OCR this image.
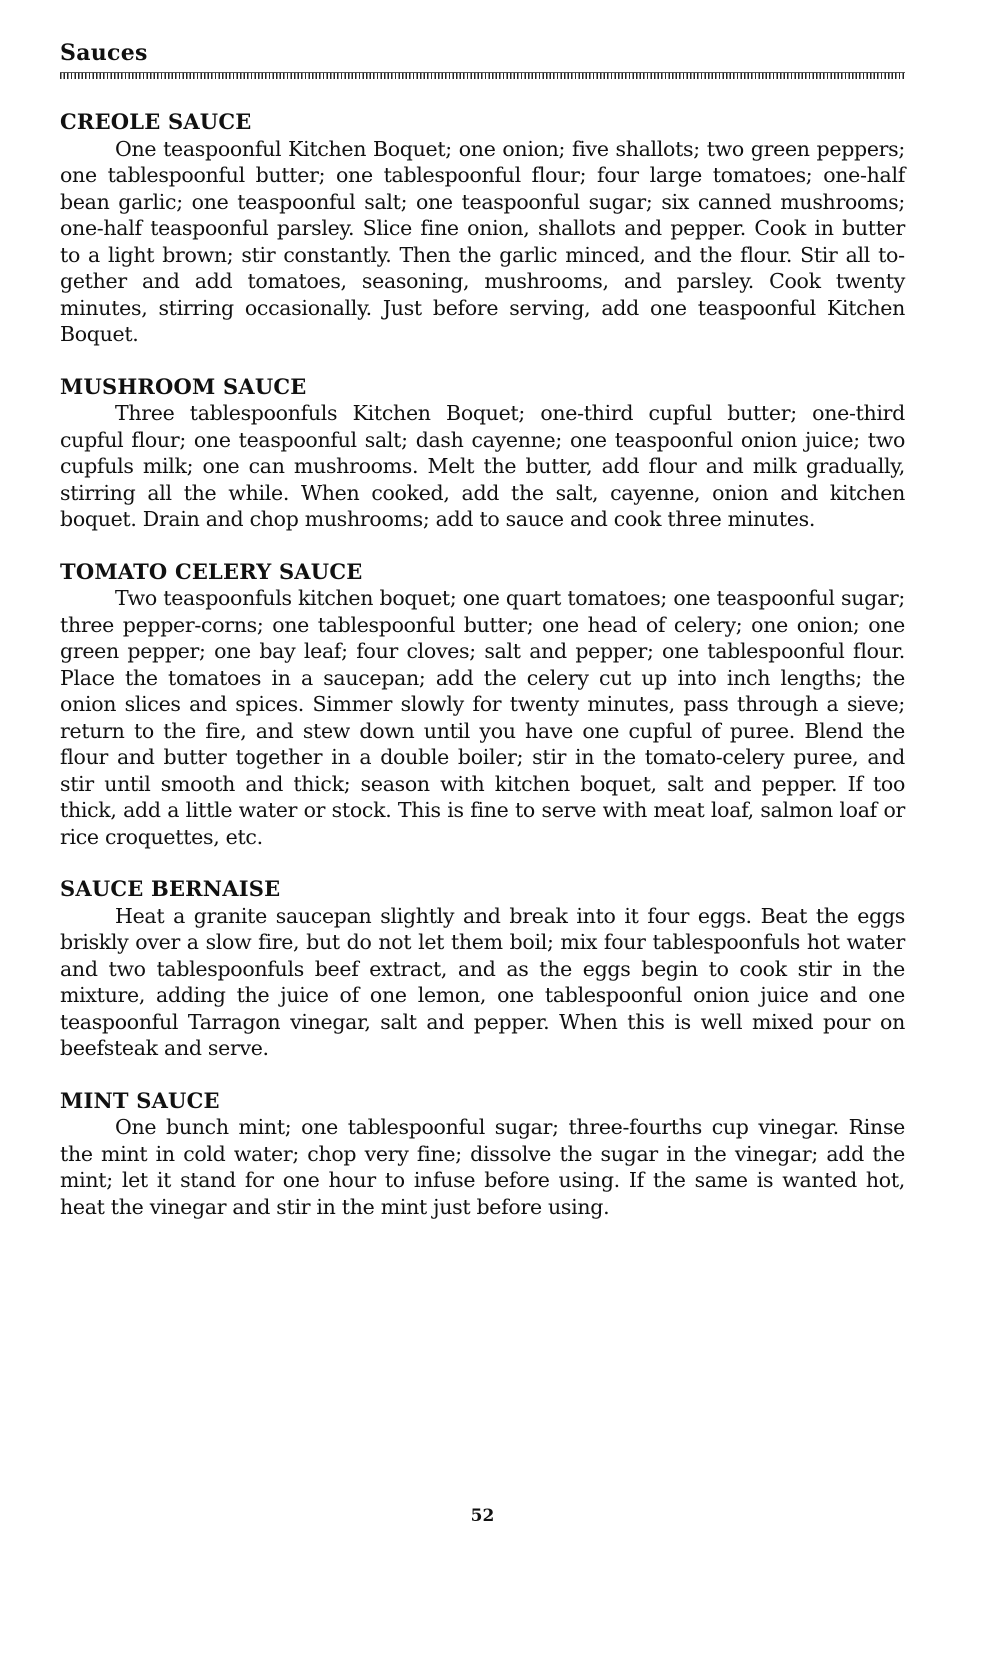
Sauces
CREOLE SAUCE

One teaspoonful Kitchen Boquet; one onion; five shallots; two green peppers; one tablespoonful butter; one tablespoonful flour; four large tomatoes; one-half bean garlic; one teaspoonful salt; one teaspoonful sugar; six canned mushrooms; one-half teaspoonful parsley. Slice fine onion, shallots and pepper. Cook in butter to a light brown; stir constantly. Then the garlic minced, and the flour. Stir all together and add tomatoes, seasoning, mushrooms, and parsley. Cook twenty minutes, stirring occasionally. Just before serving, add one teaspoonful Kitchen Boquet.

MUSHROOM SAUCE

Three tablespoonfuls Kitchen Boquet; one-third cupful butter; one-third cupful flour; one teaspoonful salt; dash cayenne; one teaspoonful onion juice; two cupfuls milk; one can mushrooms. Melt the butter, add flour and milk gradually, stirring all the while. When cooked, add the salt, cayenne, onion and kitchen boquet. Drain and chop mushrooms; add to sauce and cook three minutes.

TOMATO CELERY SAUCE

Two teaspoonfuls kitchen boquet; one quart tomatoes; one teaspoonful sugar; three pepper-corns; one tablespoonful butter; one head of celery; one onion; one green pepper; one bay leaf; four cloves; salt and pepper; one tablespoonful flour. Place the tomatoes in a saucepan; add the celery cut up into inch lengths; the onion slices and spices. Simmer slowly for twenty minutes, pass through a sieve; return to the fire, and stew down until you have one cupful of puree. Blend the flour and butter together in a double boiler; stir in the tomato-celery puree, and stir until smooth and thick; season with kitchen boquet, salt and pepper. If too thick, add a little water or stock. This is fine to serve with meat loaf, salmon loaf or rice croquettes, etc.

SAUCE BERNAISE

Heat a granite saucepan slightly and break into it four eggs. Beat the eggs briskly over a slow fire, but do not let them boil; mix four tablespoonfuls hot water and two tablespoonfuls beef extract, and as the eggs begin to cook stir in the mixture, adding the juice of one lemon, one tablespoonful onion juice and one teaspoonful Tarragon vinegar, salt and pepper. When this is well mixed pour on beefsteak and serve.

MINT SAUCE

One bunch mint; one tablespoonful sugar; three-fourths cup vinegar. Rinse the mint in cold water; chop very fine; dissolve the sugar in the vinegar; add the mint; let it stand for one hour to infuse before using. If the same is wanted hot, heat the vinegar and stir in the mint just before using.

52
